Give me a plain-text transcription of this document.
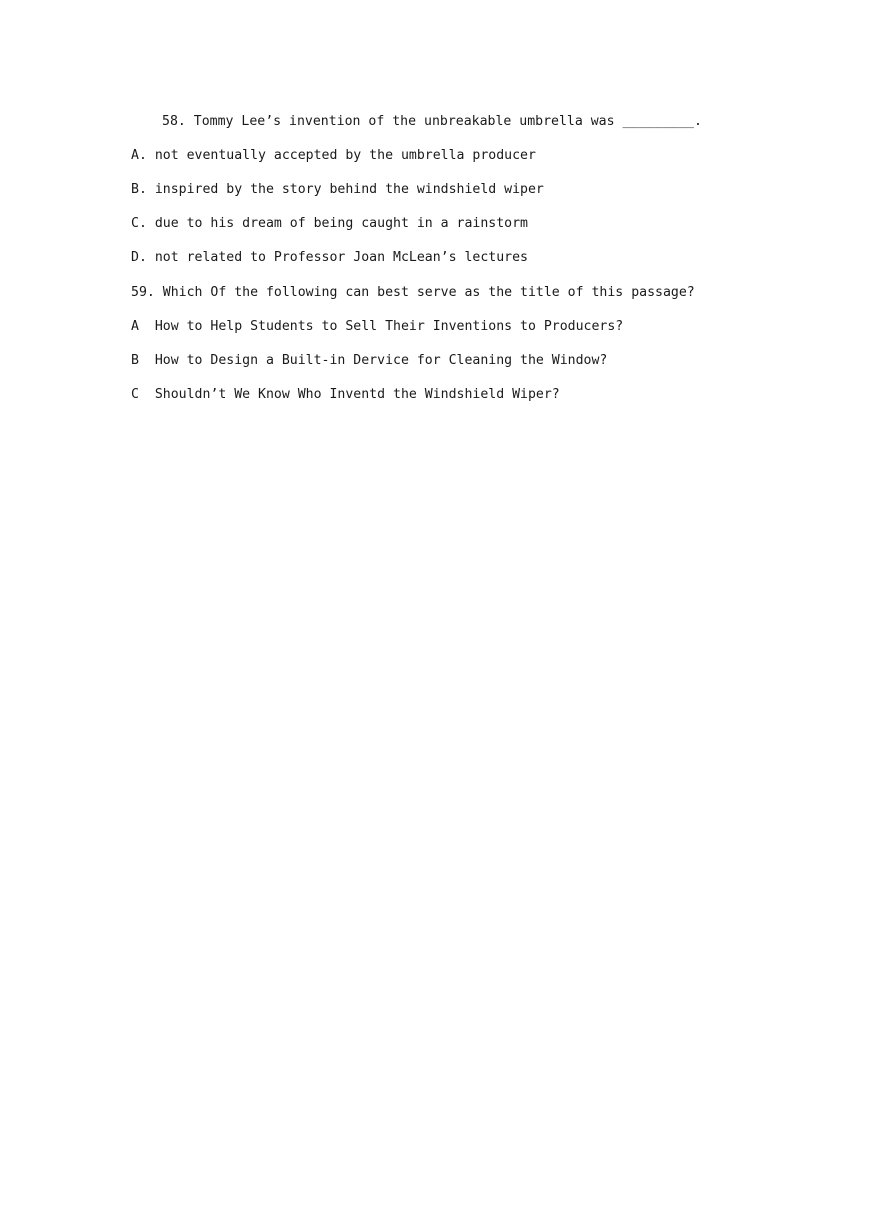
58. Tommy Lee’s invention of the unbreakable umbrella was _________.
A. not eventually accepted by the umbrella producer
B. inspired by the story behind the windshield wiper
C. due to his dream of being caught in a rainstorm
D. not related to Professor Joan McLean’s lectures
59. Which Of the following can best serve as the title of this passage?
A  How to Help Students to Sell Their Inventions to Producers?
B  How to Design a Built-in Dervice for Cleaning the Window?
C  Shouldn’t We Know Who Inventd the Windshield Wiper?
